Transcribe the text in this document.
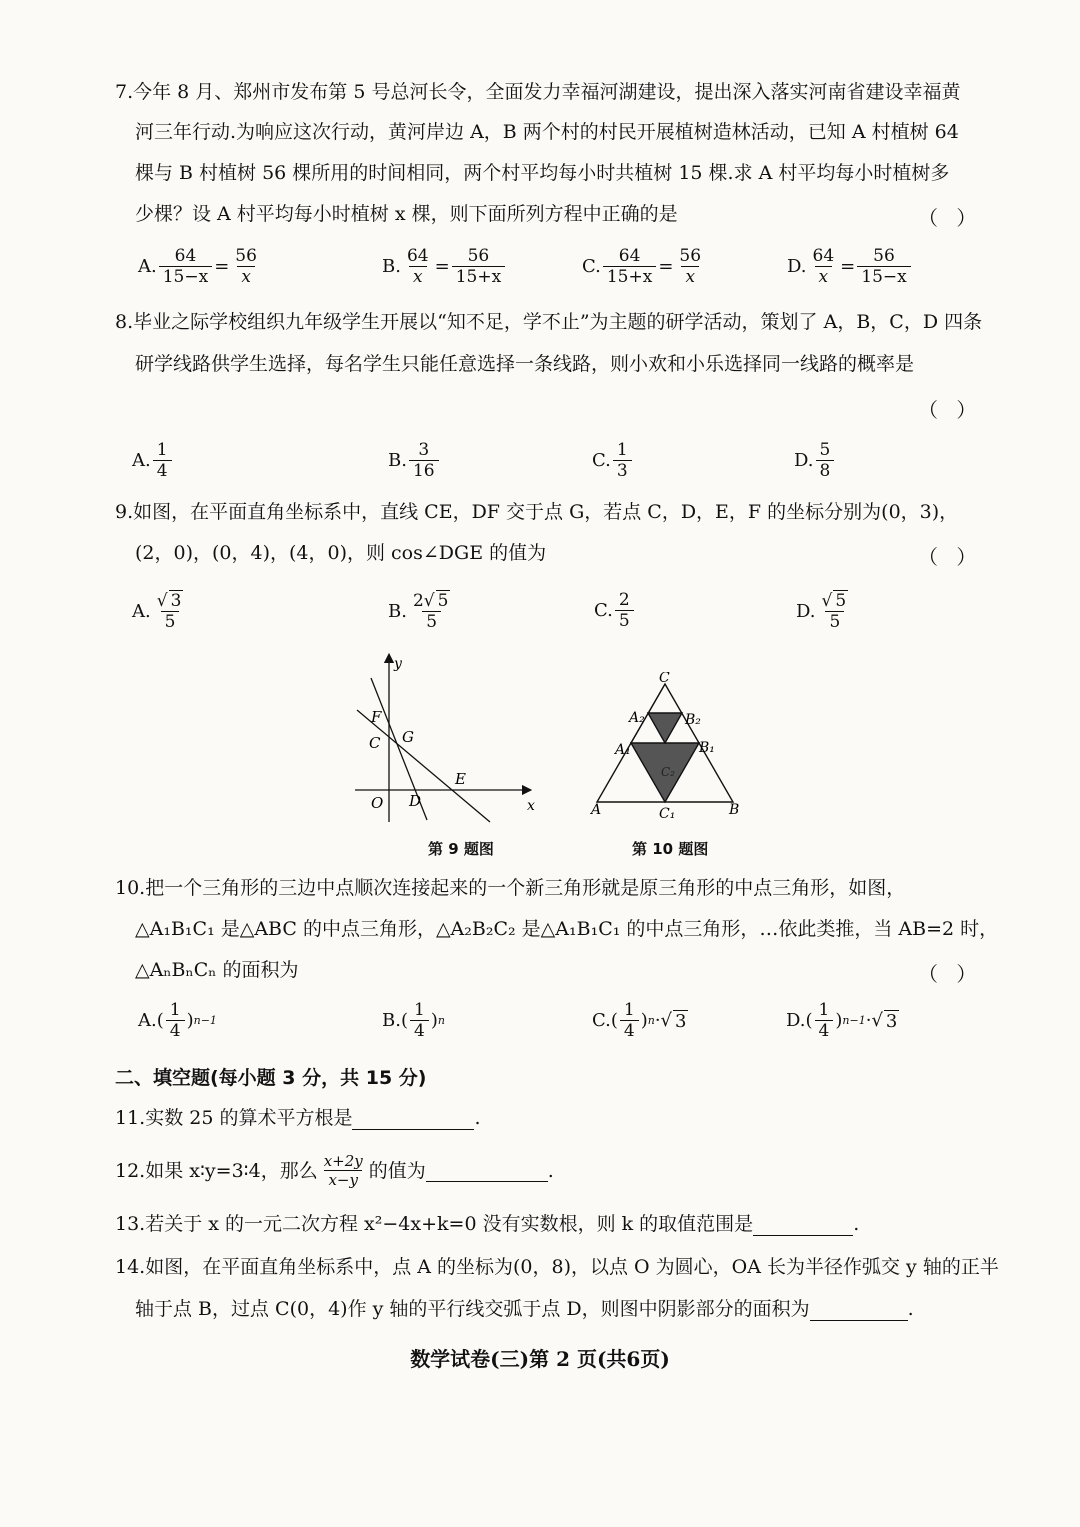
7.今年 8 月、郑州市发布第 5 号总河长令，全面发力幸福河湖建设，提出深入落实河南省建设幸福黄
河三年行动.为响应这次行动，黄河岸边 A，B 两个村的村民开展植树造林活动，已知 A 村植树 64
棵与 B 村植树 56 棵所用的时间相同，两个村平均每小时共植树 15 棵.求 A 村平均每小时植树多
少棵？设 A 村平均每小时植树 x 棵，则下面所列方程中正确的是	（ ）
A. $\frac{64}{15-x} = \frac{56}{x}$	B. $\frac{64}{x} = \frac{56}{15+x}$	C. $\frac{64}{15+x} = \frac{56}{x}$	D. $\frac{64}{x} = \frac{56}{15-x}$
8.毕业之际学校组织九年级学生开展以“知不足，学不止”为主题的研学活动，策划了 A，B，C，D 四条
研学线路供学生选择，每名学生只能任意选择一条线路，则小欢和小乐选择同一线路的概率是
（ ）
A. $\frac{1}{4}$	B. $\frac{3}{16}$	C. $\frac{1}{3}$	D. $\frac{5}{8}$
9.如图，在平面直角坐标系中，直线 CE，DF 交于点 G，若点 C，D，E，F 的坐标分别为(0，3)，
(2，0)，(0，4)，(4，0)，则 cos∠DGE 的值为	（ ）
A. $\frac{√ 3}{5}$	B. $\frac{2√ 5}{5}$	C. $\frac{2}{5}$	D. $\frac{√ 5}{5}$
y
x
F
C G
E
O D
第 9 题图
C
A₂	B₂
A₁	B₁
C₂
A	B
C₁
第 10 题图
10.把一个三角形的三边中点顺次连接起来的一个新三角形就是原三角形的中点三角形，如图，
△A₁B₁C₁ 是△ABC 的中点三角形，△A₂B₂C₂ 是△A₁B₁C₁ 的中点三角形，…依此类推，当 AB=2 时，
△AₙBₙCₙ 的面积为	（ ）
$A.( \frac{1}{4}$ ) n−1	$B.( \frac{1}{4}$ ) n	$C.( \frac{1}{4}$ ) n ·√ 3	$D.( \frac{1}{4}$ ) n−1 ·√ 3
二、填空题(每小题 3 分，共 15 分)
11.实数 25 的算术平方根是	.
12.如果 x∶y=3∶4，那么 $\frac{x+2y}{x-y}$ 的值为	.
13.若关于 x 的一元二次方程 x²−4x+k=0 没有实数根，则 k 的取值范围是	.
14.如图，在平面直角坐标系中，点 A 的坐标为(0，8)，以点 O 为圆心，OA 长为半径作弧交 y 轴的正半
轴于点 B，过点 C(0，4)作 y 轴的平行线交弧于点 D，则图中阴影部分的面积为	.
数学试卷(三)第 2 页(共6页)
